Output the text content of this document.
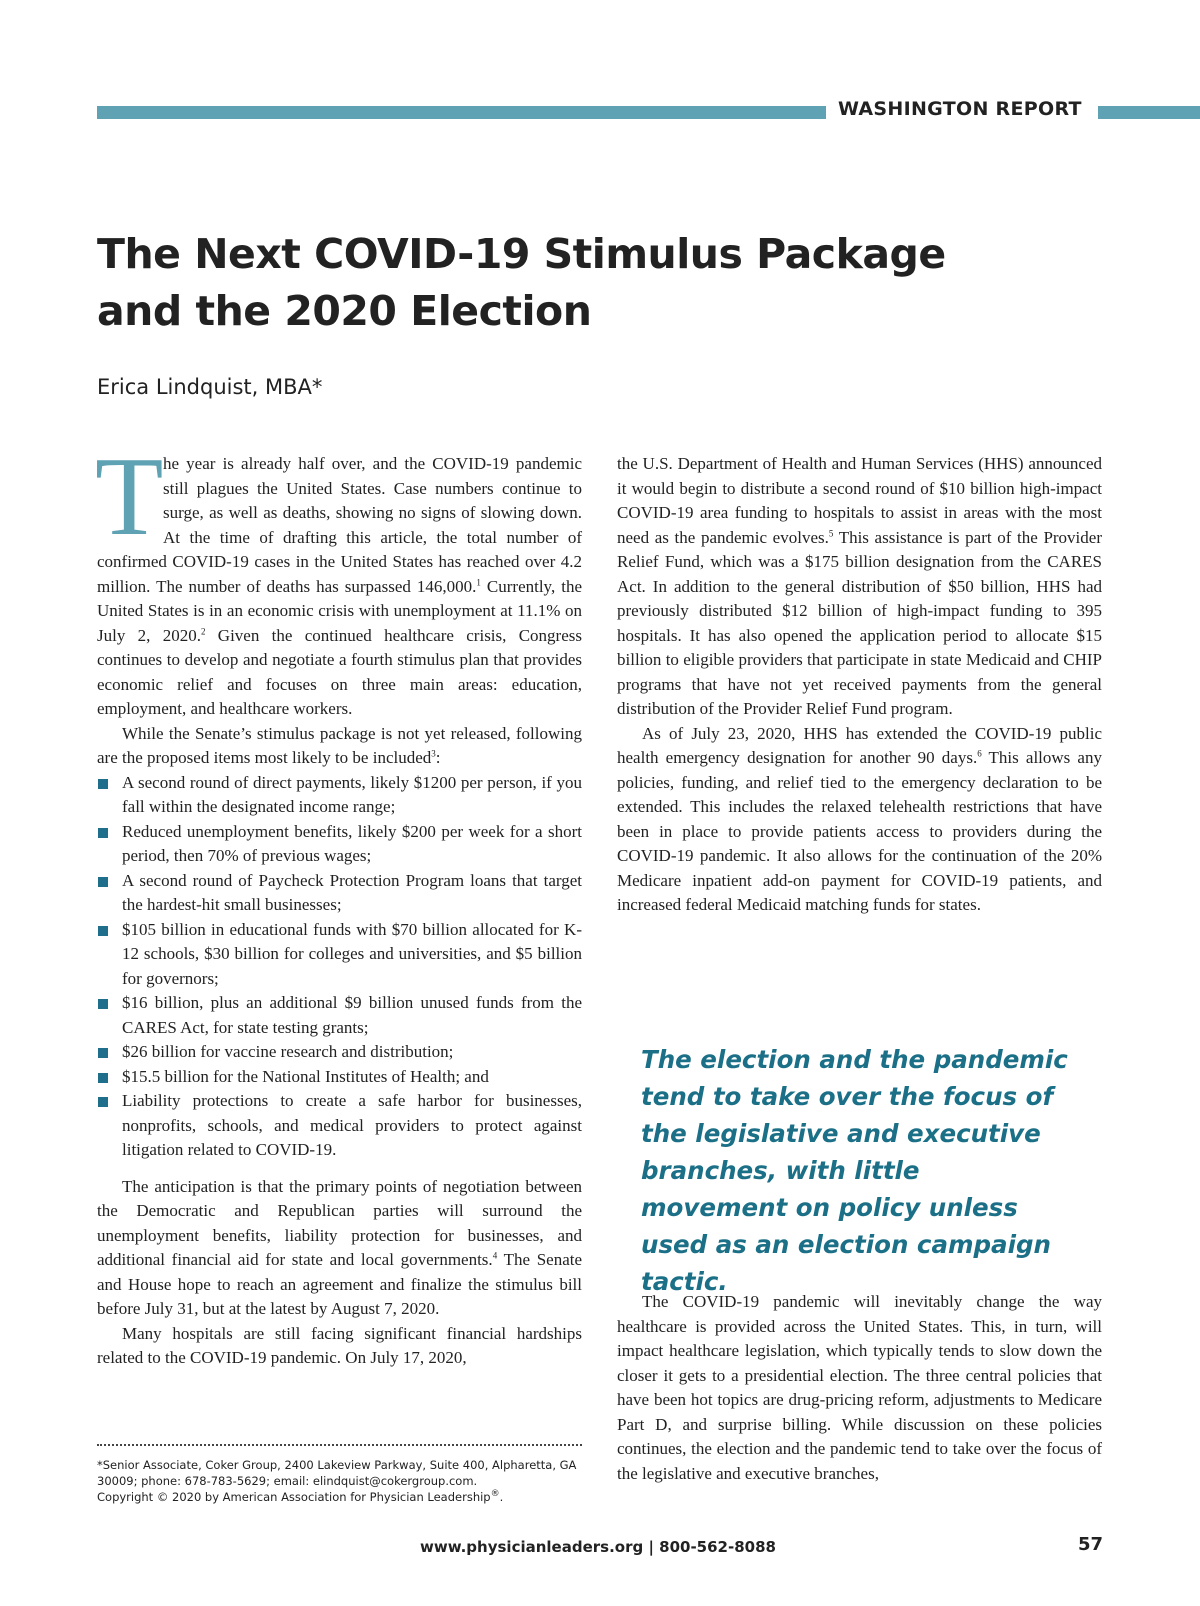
WASHINGTON REPORT
The Next COVID-19 Stimulus Package
and the 2020 Election
Erica Lindquist, MBA*

The year is already half over, and the COVID-19 pandemic still plagues the United States. Case numbers continue to surge, as well as deaths, showing no signs of slowing down. At the time of drafting this article, the total number of confirmed COVID-19 cases in the United States has reached over 4.2 million. The number of deaths has surpassed 146,000.$^1$ Currently, the United States is in an economic crisis with unemployment at 11.1% on July 2, 2020.$^2$ Given the continued healthcare crisis, Congress continues to develop and negotiate a fourth stimulus plan that provides economic relief and focuses on three main areas: education, employment, and healthcare workers.

While the Senate’s stimulus package is not yet released, following are the proposed items most likely to be included$^3$:

A second round of direct payments, likely $1200 per person, if you fall within the designated income range;
Reduced unemployment benefits, likely $200 per week for a short period, then 70% of previous wages;
A second round of Paycheck Protection Program loans that target the hardest-hit small businesses;
$105 billion in educational funds with $70 billion allocated for K-12 schools, $30 billion for colleges and universities, and $5 billion for governors;
$16 billion, plus an additional $9 billion unused funds from the CARES Act, for state testing grants;
$26 billion for vaccine research and distribution;
$15.5 billion for the National Institutes of Health; and
Liability protections to create a safe harbor for businesses, nonprofits, schools, and medical providers to protect against litigation related to COVID-19.

The anticipation is that the primary points of negotiation between the Democratic and Republican parties will surround the unemployment benefits, liability protection for businesses, and additional financial aid for state and local governments.$^4$ The Senate and House hope to reach an agreement and finalize the stimulus bill before July 31, but at the latest by August 7, 2020.

Many hospitals are still facing significant financial hardships related to the COVID-19 pandemic. On July 17, 2020,

*Senior Associate, Coker Group, 2400 Lakeview Parkway, Suite 400, Alpharetta, GA 30009; phone: 678-783-5629; email: elindquist@cokergroup.com.
Copyright © 2020 by American Association for Physician Leadership®.

the U.S. Department of Health and Human Services (HHS) announced it would begin to distribute a second round of $10 billion high-impact COVID-19 area funding to hospitals to assist in areas with the most need as the pandemic evolves.$^5$ This assistance is part of the Provider Relief Fund, which was a $175 billion designation from the CARES Act. In addition to the general distribution of $50 billion, HHS had previously distributed $12 billion of high-impact funding to 395 hospitals. It has also opened the application period to allocate $15 billion to eligible providers that participate in state Medicaid and CHIP programs that have not yet received payments from the general distribution of the Provider Relief Fund program.

As of July 23, 2020, HHS has extended the COVID-19 public health emergency designation for another 90 days.$^6$ This allows any policies, funding, and relief tied to the emergency declaration to be extended. This includes the relaxed telehealth restrictions that have been in place to provide patients access to providers during the COVID-19 pandemic. It also allows for the continuation of the 20% Medicare inpatient add-on payment for COVID-19 patients, and increased federal Medicaid matching funds for states.

The election and the pandemic tend to take over the focus of the legislative and executive branches, with little movement on policy unless used as an election campaign tactic.

The COVID-19 pandemic will inevitably change the way healthcare is provided across the United States. This, in turn, will impact healthcare legislation, which typically tends to slow down the closer it gets to a presidential election. The three central policies that have been hot topics are drug-pricing reform, adjustments to Medicare Part D, and surprise billing. While discussion on these policies continues, the election and the pandemic tend to take over the focus of the legislative and executive branches,

www.physicianleaders.org | 800-562-8088	57
